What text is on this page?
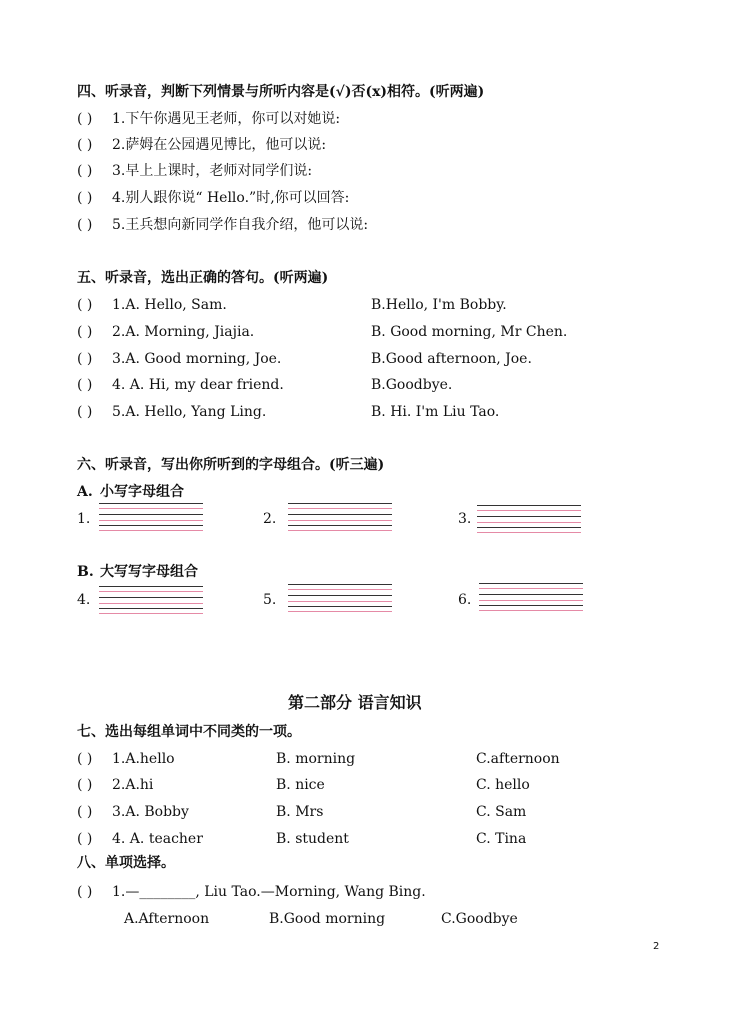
四、听录音，判断下列情景与所听内容是(√)否(x)相符。(听两遍)
( ) 1.下午你遇见王老师，你可以对她说:
( ) 2.萨姆在公园遇见博比，他可以说:
( ) 3.早上上课时，老师对同学们说:
( ) 4.别人跟你说“ Hello.”时,你可以回答:
( ) 5.王兵想向新同学作自我介绍，他可以说:
五、听录音，选出正确的答句。(听两遍)
( ) 1.A. Hello, Sam.	B.Hello, I'm Bobby.
( ) 2.A. Morning, Jiajia.	B. Good morning, Mr Chen.
( ) 3.A. Good morning, Joe.	B.Good afternoon, Joe.
( ) 4. A. Hi, my dear friend.	B.Goodbye.
( ) 5.A. Hello, Yang Ling.	B. Hi. I'm Liu Tao.
六、听录音，写出你所听到的字母组合。(听三遍)
A. 小写字母组合
1.	2.	3.
B. 大写写字母组合
4.	5.	6.
第二部分 语言知识
七、选出每组单词中不同类的一项。
( ) 1.A.hello	B. morning	C.afternoon
( ) 2.A.hi	B. nice	C. hello
( ) 3.A. Bobby	B. Mrs	C. Sam
( ) 4. A. teacher	B. student	C. Tina
八、单项选择。
( ) 1.—________, Liu Tao.—Morning, Wang Bing.
A.Afternoon	B.Good morning	C.Goodbye
2
